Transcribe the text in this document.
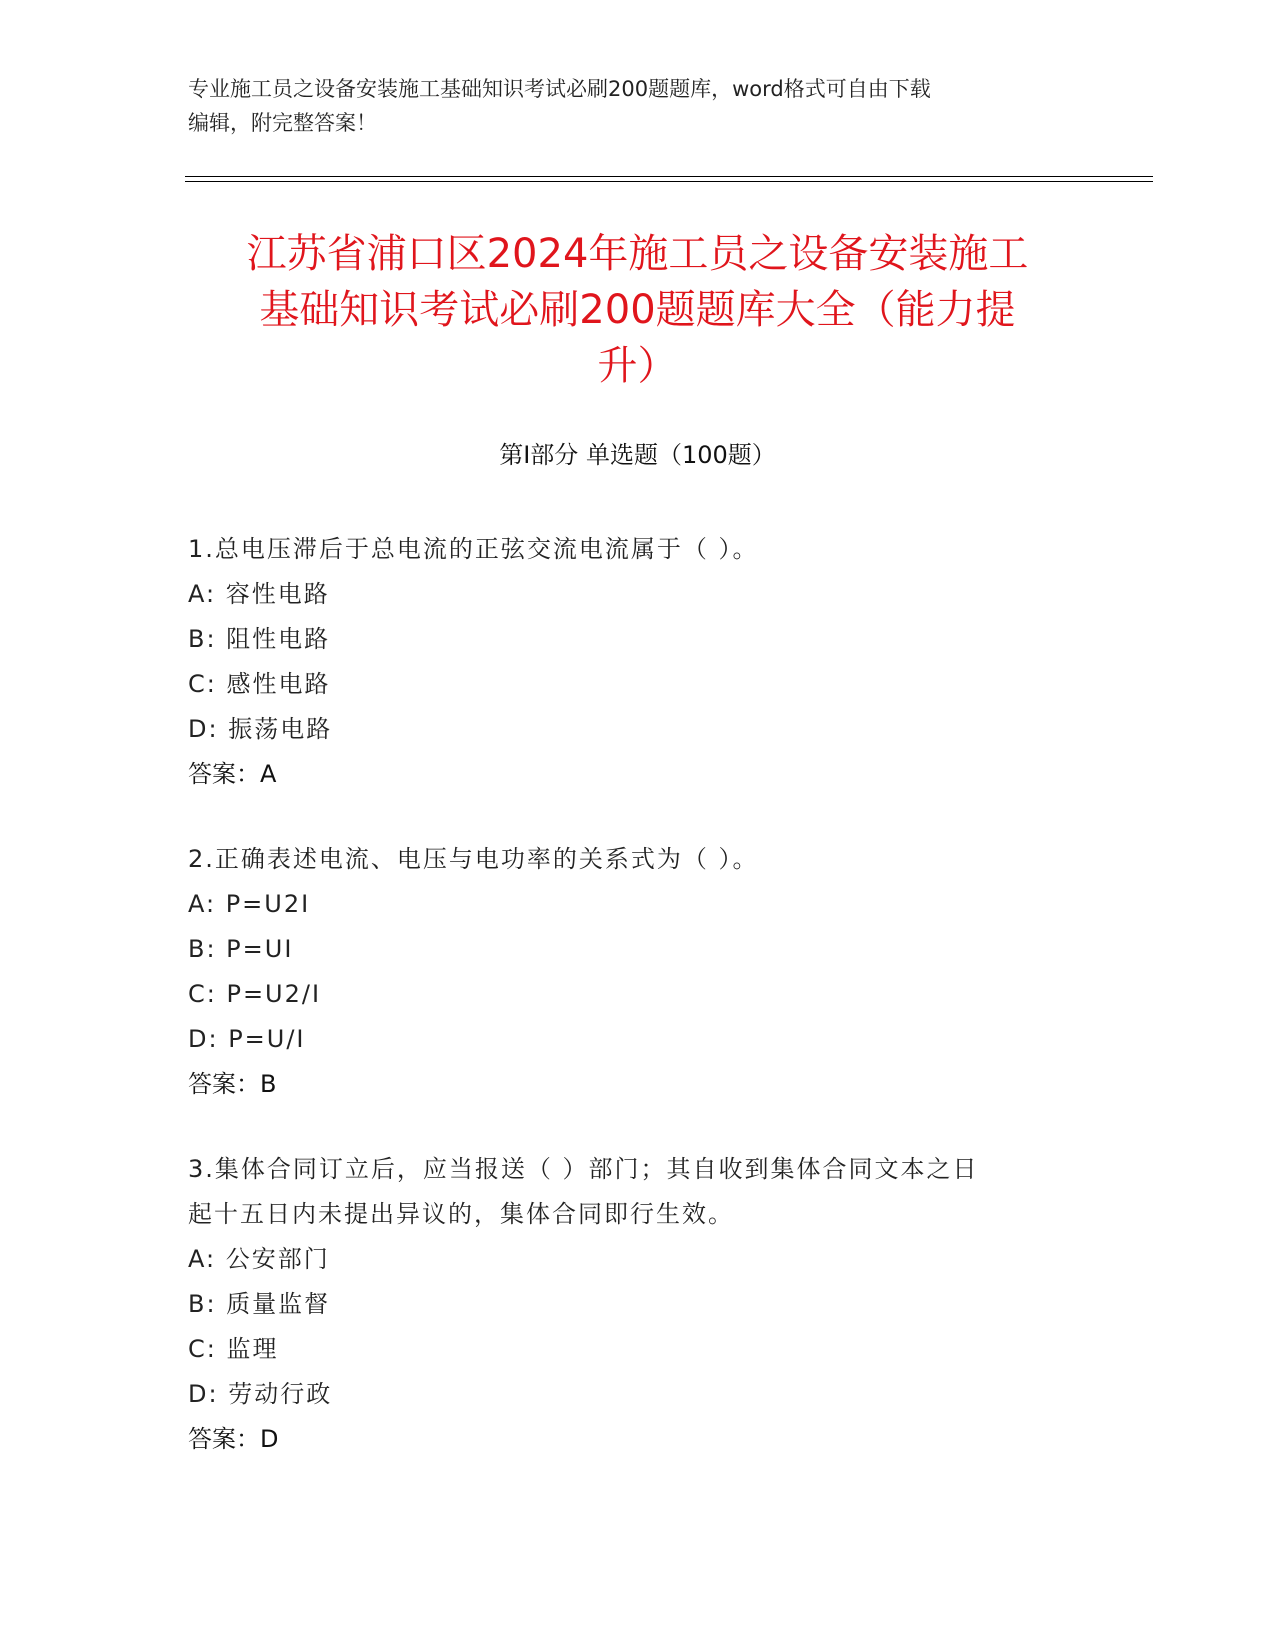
专业施工员之设备安装施工基础知识考试必刷200题题库，word格式可自由下载
编辑，附完整答案！
江苏省浦口区2024年施工员之设备安装施工
基础知识考试必刷200题题库大全（能力提
升）
第I部分 单选题（100题）

1.总电压滞后于总电流的正弦交流电流属于（ ）。

A: 容性电路

B: 阻性电路

C: 感性电路

D: 振荡电路

答案：A

2.正确表述电流、电压与电功率的关系式为（ ）。

A: P=U2I

B: P=UI

C: P=U2/I

D: P=U/I

答案：B

3.集体合同订立后，应当报送（ ）部门；其自收到集体合同文本之日

起十五日内未提出异议的，集体合同即行生效。

A: 公安部门

B: 质量监督

C: 监理

D: 劳动行政

答案：D
